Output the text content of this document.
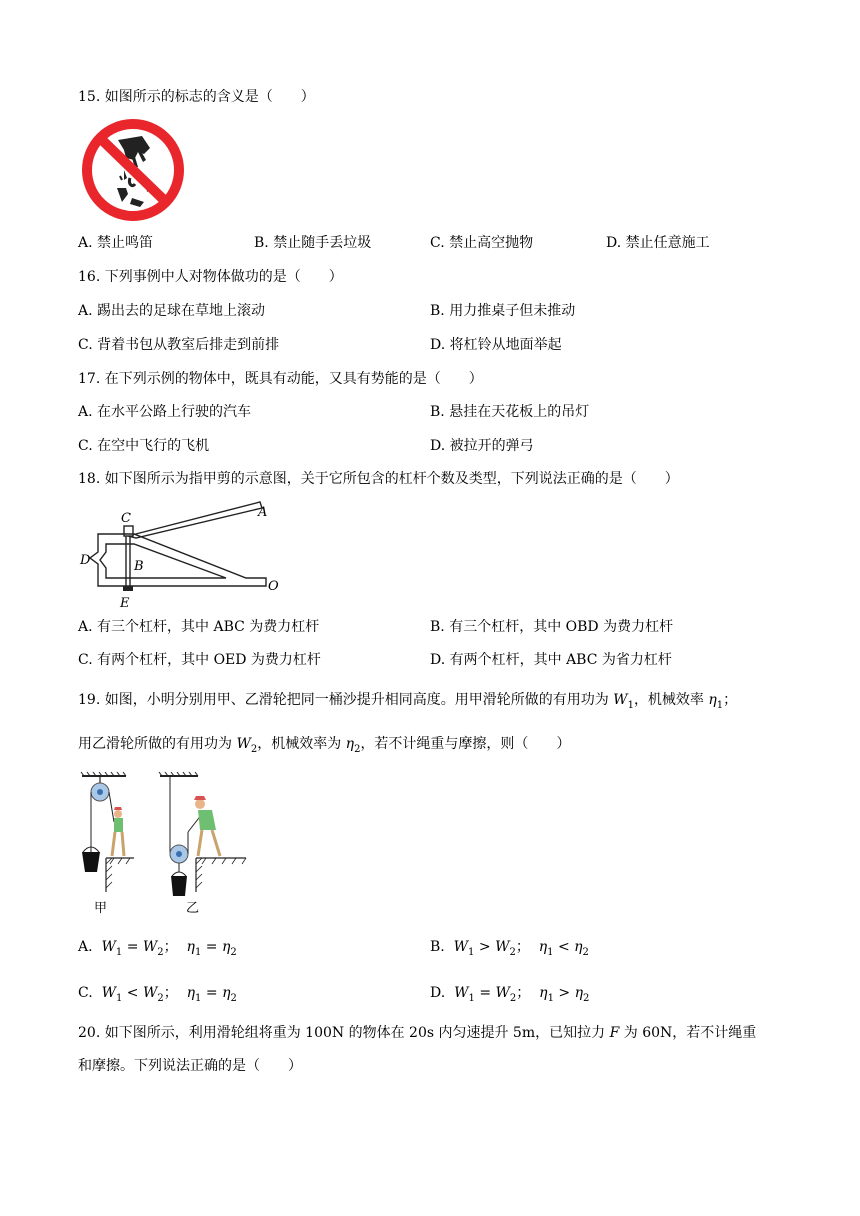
15. 如图所示的标志的含义是（　　）
A. 禁止鸣笛	B. 禁止随手丢垃圾	C. 禁止高空抛物	D. 禁止任意施工
16. 下列事例中人对物体做功的是（　　）
A. 踢出去的足球在草地上滚动	B. 用力推桌子但未推动
C. 背着书包从教室后排走到前排	D. 将杠铃从地面举起
17. 在下列示例的物体中，既具有动能，又具有势能的是（　　）
A. 在水平公路上行驶的汽车	B. 悬挂在天花板上的吊灯
C. 在空中飞行的飞机	D. 被拉开的弹弓
18. 如下图所示为指甲剪的示意图，关于它所包含的杠杆个数及类型，下列说法正确的是（　　）
C	A
D	B
O
E
A. 有三个杠杆，其中 ABC 为费力杠杆	B. 有三个杠杆，其中 OBD 为费力杠杆
C. 有两个杠杆，其中 OED 为费力杠杆	D. 有两个杠杆，其中 ABC 为省力杠杆
19. 如图，小明分别用甲、乙滑轮把同一桶沙提升相同高度。用甲滑轮所做的有用功为 $W_1$，机械效率 $\eta_1$；
用乙滑轮所做的有用功为 $W_2$，机械效率为 $\eta_2$，若不计绳重与摩擦，则（　　）
甲	乙
A. $W_1 = W_2$； $\eta_1 = \eta_2$	B. $W_1 > W_2$； $\eta_1 < \eta_2$
C. $W_1 < W_2$； $\eta_1 = \eta_2$	D. $W_1 = W_2$； $\eta_1 > \eta_2$
20. 如下图所示，利用滑轮组将重为 100N 的物体在 20s 内匀速提升 5m，已知拉力 F 为 60N，若不计绳重
和摩擦。下列说法正确的是（　　）
